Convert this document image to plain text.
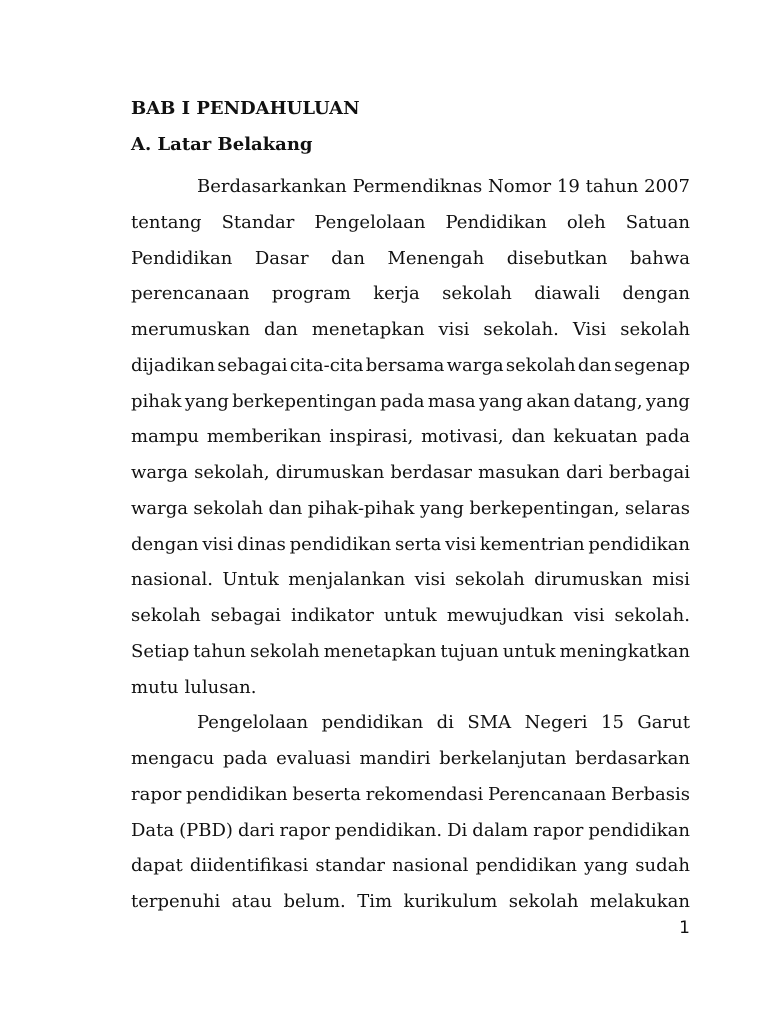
BAB I PENDAHULUAN
A. Latar Belakang
Berdasarkankan Permendiknas Nomor 19 tahun 2007
tentang Standar Pengelolaan Pendidikan oleh Satuan
Pendidikan Dasar dan Menengah disebutkan bahwa
perencanaan program kerja sekolah diawali dengan
merumuskan dan menetapkan visi sekolah. Visi sekolah
dijadikan sebagai cita-cita bersama warga sekolah dan segenap
pihak yang berkepentingan pada masa yang akan datang, yang
mampu memberikan inspirasi, motivasi, dan kekuatan pada
warga sekolah, dirumuskan berdasar masukan dari berbagai
warga sekolah dan pihak-pihak yang berkepentingan, selaras
dengan visi dinas pendidikan serta visi kementrian pendidikan
nasional. Untuk menjalankan visi sekolah dirumuskan misi
sekolah sebagai indikator untuk mewujudkan visi sekolah.
Setiap tahun sekolah menetapkan tujuan untuk meningkatkan
mutu lulusan.
Pengelolaan pendidikan di SMA Negeri 15 Garut
mengacu pada evaluasi mandiri berkelanjutan berdasarkan
rapor pendidikan beserta rekomendasi Perencanaan Berbasis
Data (PBD) dari rapor pendidikan. Di dalam rapor pendidikan
dapat diidentifikasi standar nasional pendidikan yang sudah
terpenuhi atau belum. Tim kurikulum sekolah melakukan
1
